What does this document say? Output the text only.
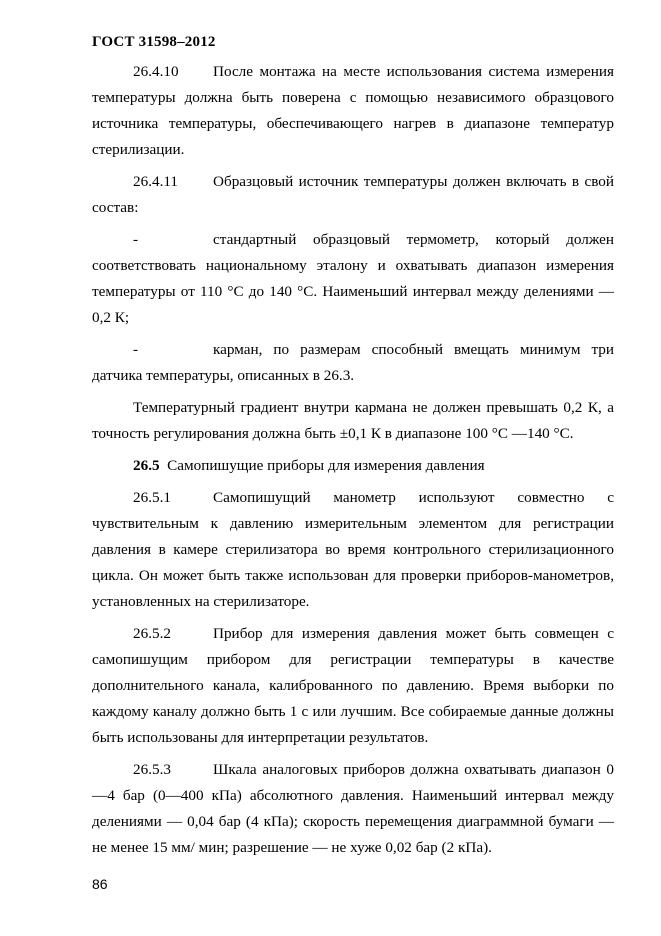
ГОСТ 31598–2012

26.4.10 После монтажа на месте использования система измерения температуры должна быть поверена с помощью независимого образцового источника температуры, обеспечивающего нагрев в диапазоне температур стерилизации.

26.4.11 Образцовый источник температуры должен включать в свой состав:

-	стандартный образцовый термометр, который должен соответствовать национальному эталону и охватывать диапазон измерения температуры от 110 °С до 140 °С. Наименьший интервал между делениями — 0,2 К;

-	карман, по размерам способный вмещать минимум три датчика температуры, описанных в 26.3.

Температурный градиент внутри кармана не должен превышать 0,2 К, а точность регулирования должна быть ±0,1 К в диапазоне 100 °С —140 °С.

26.5 Самопишущие приборы для измерения давления

26.5.1	Самопишущий манометр используют совместно с чувствительным к давлению измерительным элементом для регистрации давления в камере стерилизатора во время контрольного стерилизационного цикла. Он может быть также использован для проверки приборов-манометров, установленных на стерилизаторе.

26.5.2	Прибор для измерения давления может быть совмещен с самопишущим прибором для регистрации температуры в качестве дополнительного канала, калиброванного по давлению. Время выборки по каждому каналу должно быть 1 с или лучшим. Все собираемые данные должны быть использованы для интерпретации результатов.

26.5.3	Шкала аналоговых приборов должна охватывать диапазон 0—4 бар (0—400 кПа) абсолютного давления. Наименьший интервал между делениями — 0,04 бар (4 кПа); скорость перемещения диаграммной бумаги — не менее 15 мм/ мин; разрешение — не хуже 0,02 бар (2 кПа).

86
